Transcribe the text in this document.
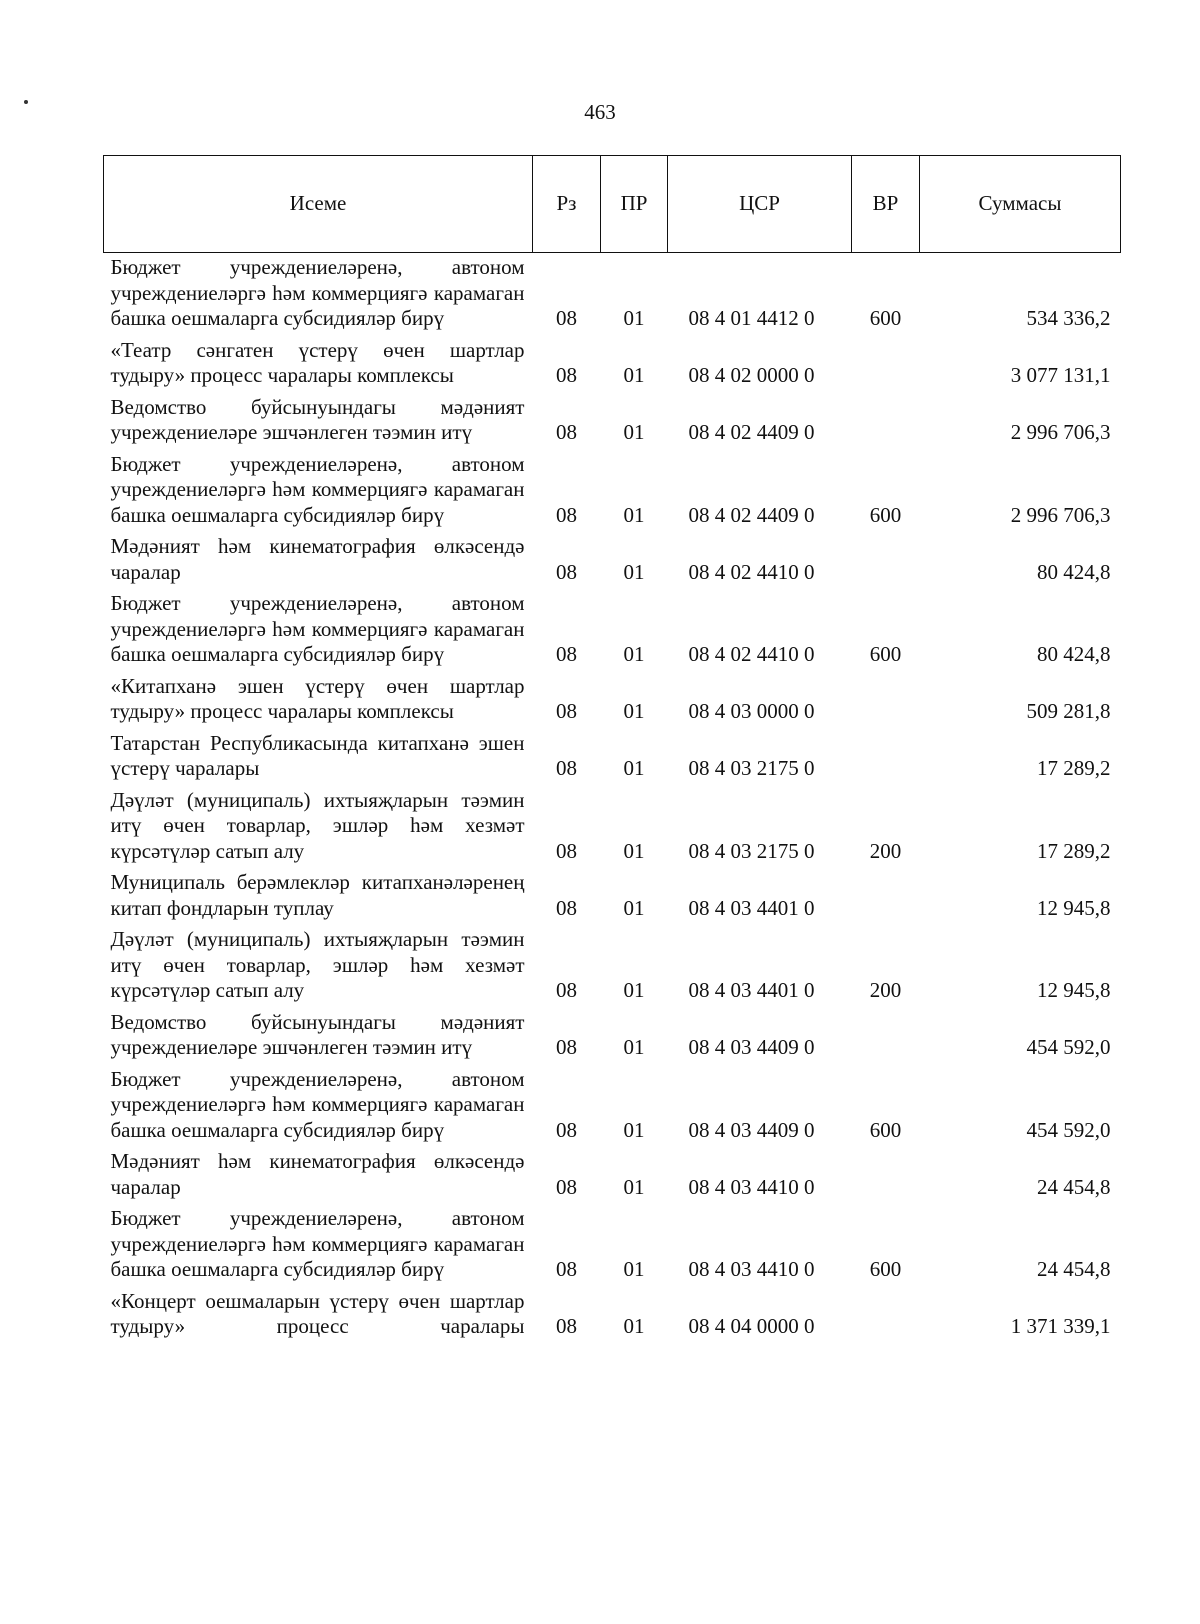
463
Исеме	Рз	ПР	ЦСР	ВР	Суммасы
Бюджет учреждениеләренә, автоном учреждениеләргә һәм коммерциягә карамаган башка оешмаларга субсидияләр бирү	08	01	08 4 01 4412 0	600	534 336,2
«Театр сәнгатен үстерү өчен шартлар тудыру» процесс чаралары комплексы	08	01	08 4 02 0000 0		3 077 131,1
Ведомство буйсынуындагы мәдәният учреждениеләре эшчәнлеген тәэмин итү	08	01	08 4 02 4409 0		2 996 706,3
Бюджет учреждениеләренә, автоном учреждениеләргә һәм коммерциягә карамаган башка оешмаларга субсидияләр бирү	08	01	08 4 02 4409 0	600	2 996 706,3
Мәдәният һәм кинематография өлкәсендә чаралар	08	01	08 4 02 4410 0		80 424,8
Бюджет учреждениеләренә, автоном учреждениеләргә һәм коммерциягә карамаган башка оешмаларга субсидияләр бирү	08	01	08 4 02 4410 0	600	80 424,8
«Китапханә эшен үстерү өчен шартлар тудыру» процесс чаралары комплексы	08	01	08 4 03 0000 0		509 281,8
Татарстан Республикасында китапханә эшен үстерү чаралары	08	01	08 4 03 2175 0		17 289,2
Дәүләт (муниципаль) ихтыяҗларын тәэмин итү өчен товарлар, эшләр һәм хезмәт күрсәтүләр сатып алу	08	01	08 4 03 2175 0	200	17 289,2
Муниципаль берәмлекләр китапханәләренең китап фондларын туплау	08	01	08 4 03 4401 0		12 945,8
Дәүләт (муниципаль) ихтыяҗларын тәэмин итү өчен товарлар, эшләр һәм хезмәт күрсәтүләр сатып алу	08	01	08 4 03 4401 0	200	12 945,8
Ведомство буйсынуындагы мәдәният учреждениеләре эшчәнлеген тәэмин итү	08	01	08 4 03 4409 0		454 592,0
Бюджет учреждениеләренә, автоном учреждениеләргә һәм коммерциягә карамаган башка оешмаларга субсидияләр бирү	08	01	08 4 03 4409 0	600	454 592,0
Мәдәният һәм кинематография өлкәсендә чаралар	08	01	08 4 03 4410 0		24 454,8
Бюджет учреждениеләренә, автоном учреждениеләргә һәм коммерциягә карамаган башка оешмаларга субсидияләр бирү	08	01	08 4 03 4410 0	600	24 454,8
«Концерт оешмаларын үстерү өчен шартлар тудыру» процесс чаралары	08	01	08 4 04 0000 0		1 371 339,1
